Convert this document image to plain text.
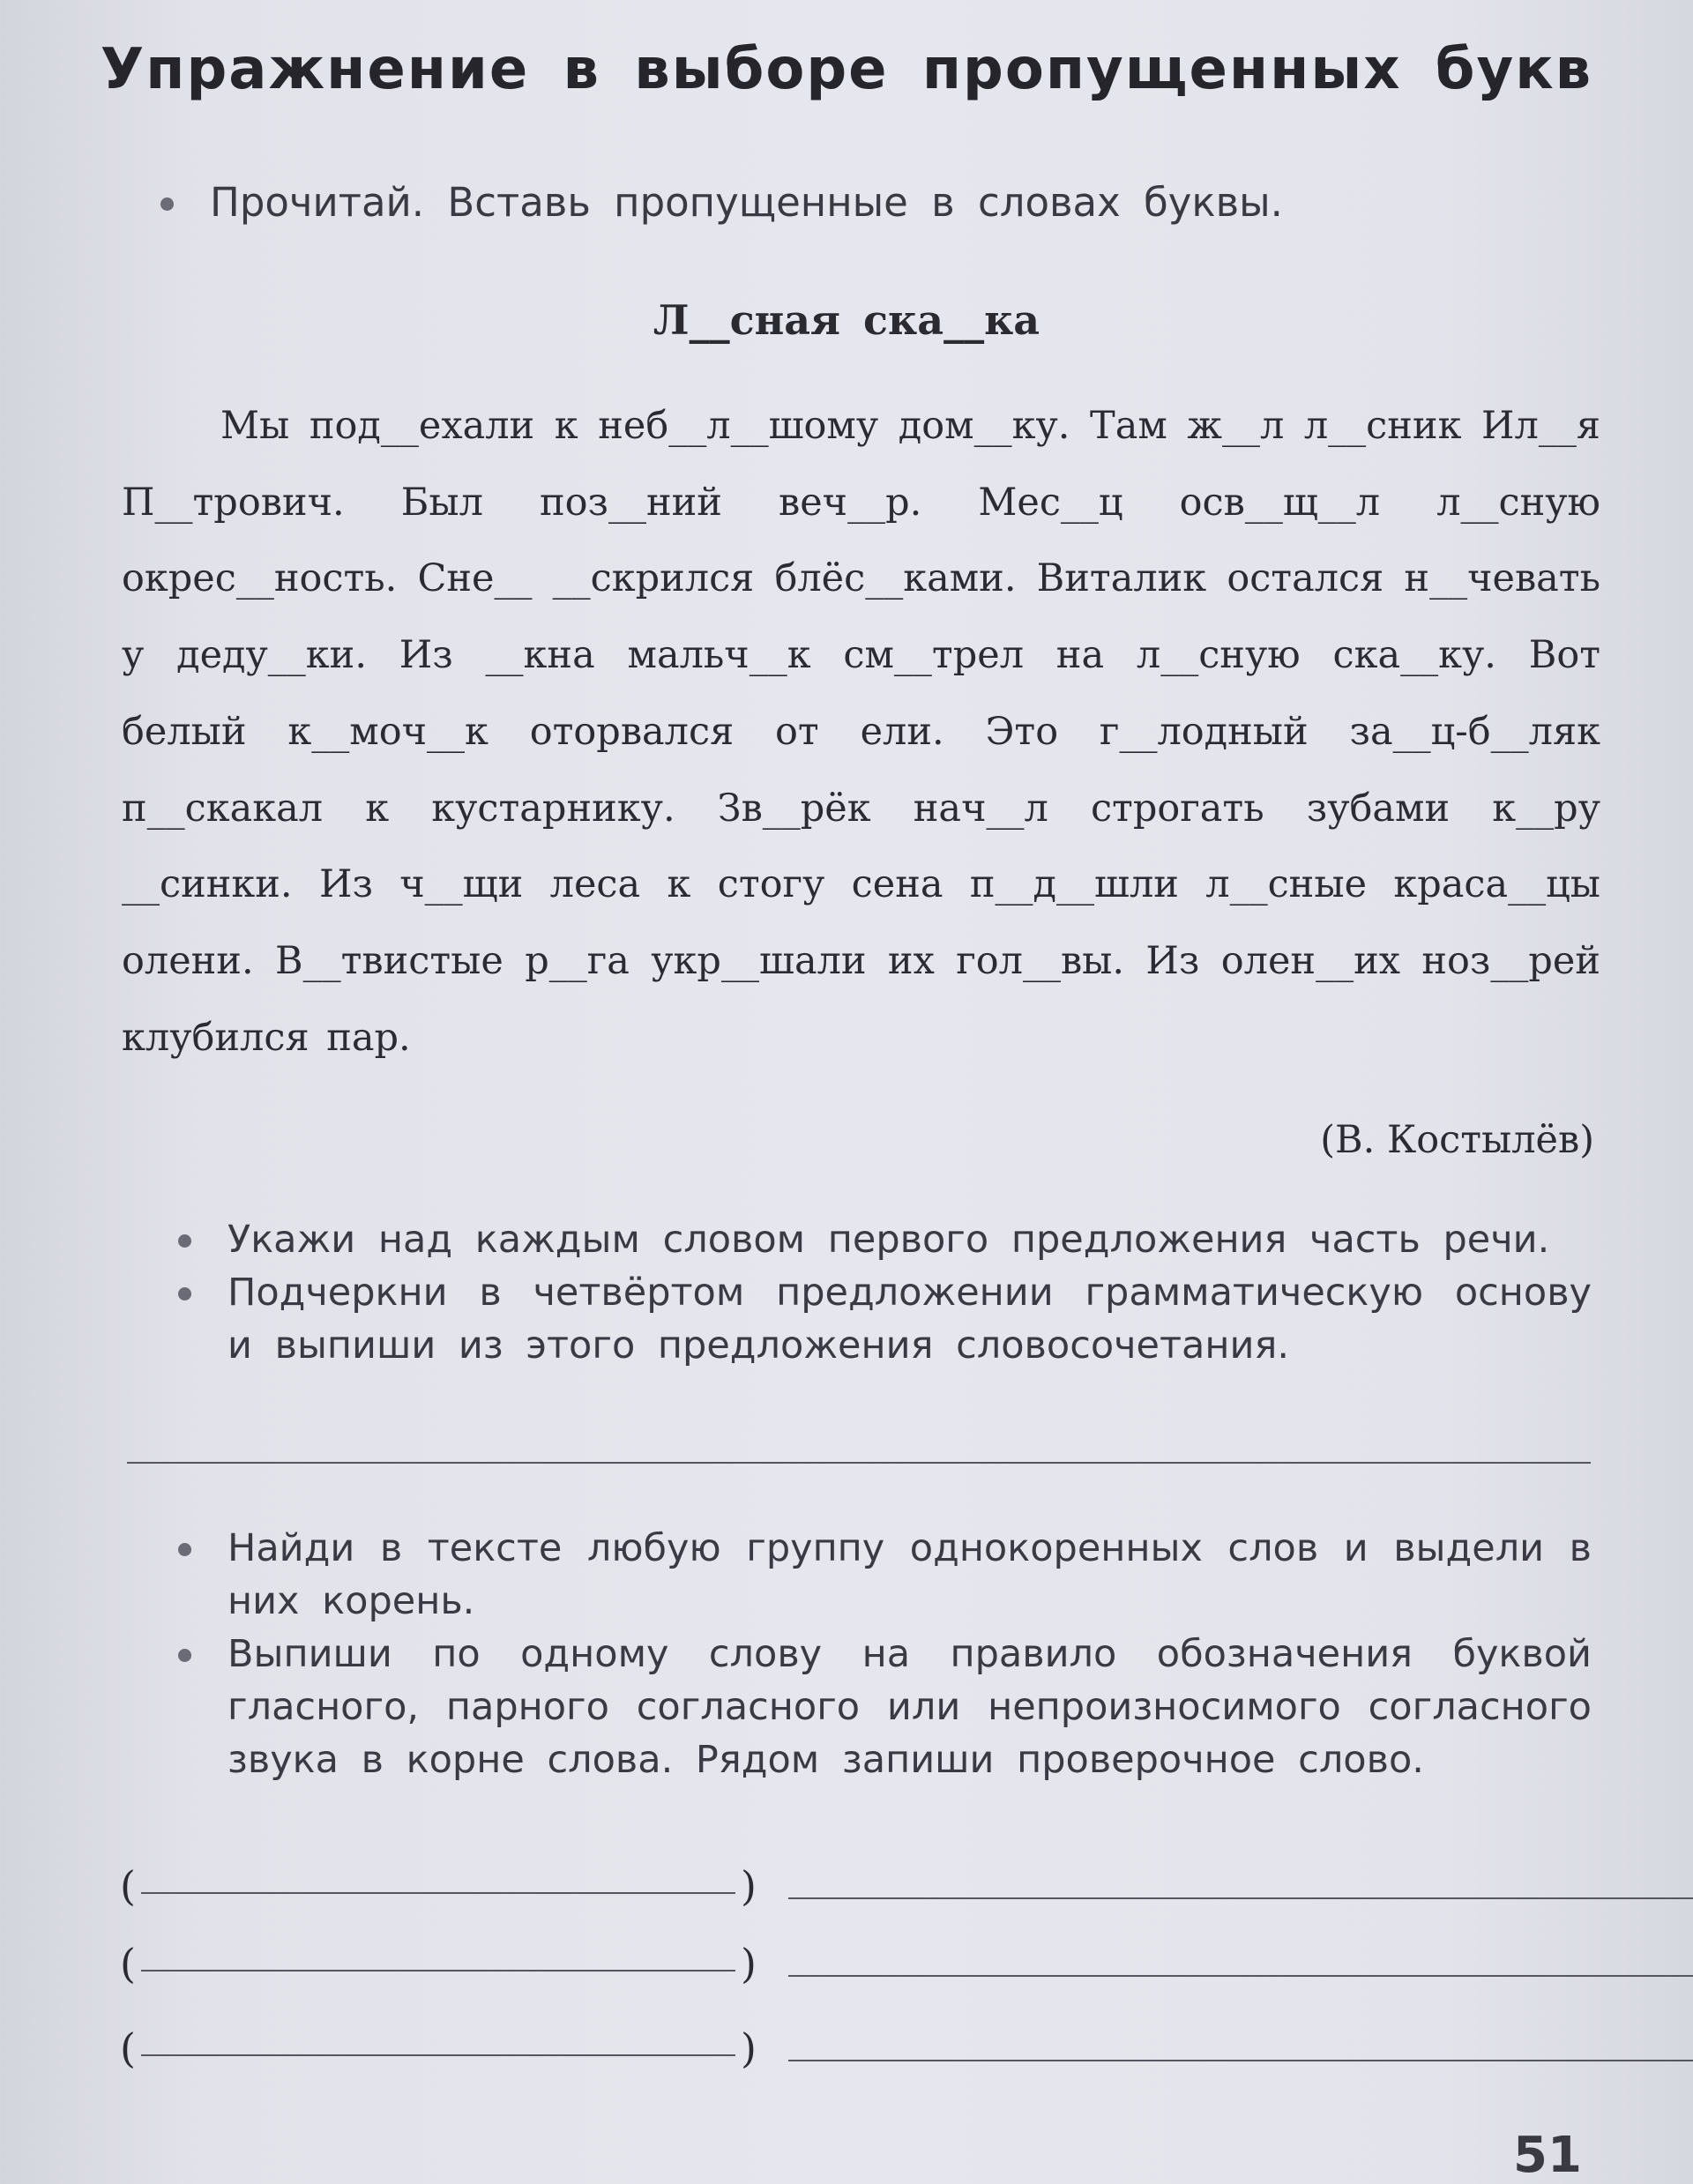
Упражнение в выборе пропущенных букв

Прочитай. Вставь пропущенные в словах буквы.

Л__сная ска__ка

Мы под__ехали к неб__л__шому дом__ку. Там ж__л л__сник Ил__я П__трович. Был поз__ний веч__р. Мес__ц осв__щ__л л__сную окрес__ность. Сне__ __скрился блёс__ками. Виталик остался н__чевать у деду__ки. Из __кна мальч__к см__трел на л__сную ска__ку. Вот белый к__моч__к оторвался от ели. Это г__лодный за__ц-б__ляк п__скакал к кустарнику. Зв__рёк нач__л строгать зубами к__ру __синки. Из ч__щи леса к стогу сена п__д__шли л__сные краса__цы олени. В__твистые р__га укр__шали их гол__вы. Из олен__их ноз__рей клубился пар.

(В. Костылёв)

Укажи над каждым словом первого предложения часть речи.

Подчеркни в четвёртом предложении грамматическую основу и выпиши из этого предложения словосочетания.

Найди в тексте любую группу однокоренных слов и выдели в них корень.

Выпиши по одному слову на правило обозначения буквой гласного, парного согласного или непроизносимого согласного звука в корне слова. Рядом запиши проверочное слово.

(	)
(	)
(	)
51
